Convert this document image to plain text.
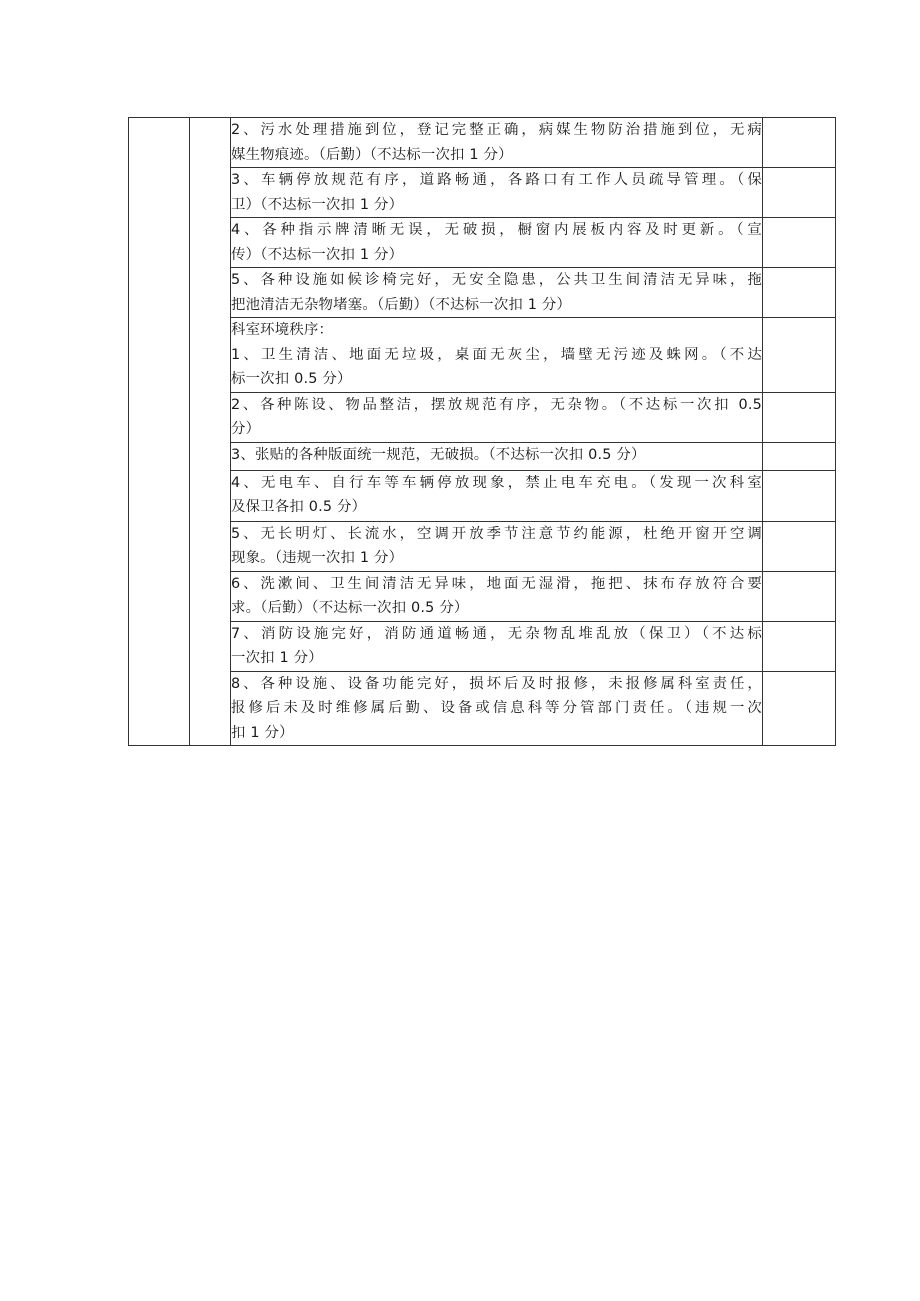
		2、污水处理措施到位，登记完整正确，病媒生物防治措施到位，无病
媒生物痕迹。（后勤）（不达标一次扣 1 分）	

		3、车辆停放规范有序，道路畅通，各路口有工作人员疏导管理。（保
卫）（不达标一次扣 1 分）	

		4、各种指示牌清晰无误，无破损，橱窗内展板内容及时更新。（宣
传）（不达标一次扣 1 分）	

		5、各种设施如候诊椅完好，无安全隐患，公共卫生间清洁无异味，拖
把池清洁无杂物堵塞。（后勤）（不达标一次扣 1 分）	

		科室环境秩序：
1、卫生清洁、地面无垃圾，桌面无灰尘，墙壁无污迹及蛛网。（不达
标一次扣 0.5 分）	

		2、各种陈设、物品整洁，摆放规范有序，无杂物。（不达标一次扣 0.5
分）	

		3、张贴的各种版面统一规范，无破损。（不达标一次扣 0.5 分）	

		4、无电车、自行车等车辆停放现象，禁止电车充电。（发现一次科室
及保卫各扣 0.5 分）	

		5、无长明灯、长流水，空调开放季节注意节约能源，杜绝开窗开空调
现象。（违规一次扣 1 分）	

		6、洗漱间、卫生间清洁无异味，地面无湿滑，拖把、抹布存放符合要
求。（后勤）（不达标一次扣 0.5 分）	

		7、消防设施完好，消防通道畅通，无杂物乱堆乱放（保卫）（不达标
一次扣 1 分）	

		8、各种设施、设备功能完好，损坏后及时报修，未报修属科室责任，
报修后未及时维修属后勤、设备或信息科等分管部门责任。（违规一次
扣 1 分）	
